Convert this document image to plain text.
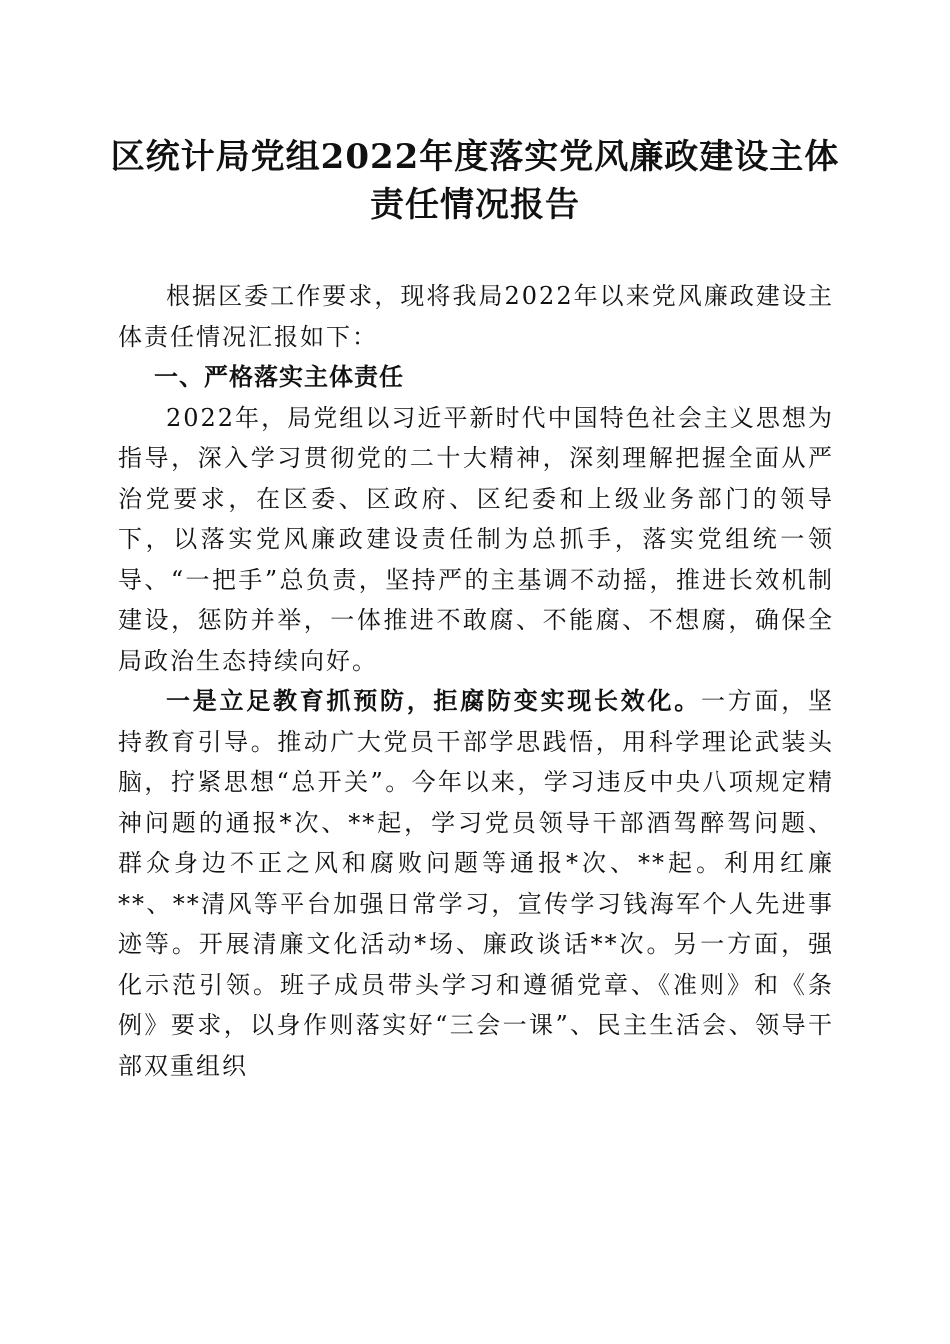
区统计局党组2022年度落实党风廉政建设主体责任情况报告

根据区委工作要求，现将我局2022年以来党风廉政建设主体责任情况汇报如下：

一、严格落实主体责任

2022年，局党组以习近平新时代中国特色社会主义思想为指导，深入学习贯彻党的二十大精神，深刻理解把握全面从严治党要求，在区委、区政府、区纪委和上级业务部门的领导下，以落实党风廉政建设责任制为总抓手，落实党组统一领导、“一把手”总负责，坚持严的主基调不动摇，推进长效机制建设，惩防并举，一体推进不敢腐、不能腐、不想腐，确保全局政治生态持续向好。

一是立足教育抓预防，拒腐防变实现长效化。一方面，坚持教育引导。推动广大党员干部学思践悟，用科学理论武装头脑，拧紧思想“总开关”。今年以来，学习违反中央八项规定精神问题的通报*次、**起，学习党员领导干部酒驾醉驾问题、群众身边不正之风和腐败问题等通报*次、**起。利用红廉**、**清风等平台加强日常学习，宣传学习钱海军个人先进事迹等。开展清廉文化活动*场、廉政谈话**次。另一方面，强化示范引领。班子成员带头学习和遵循党章、《准则》和《条例》要求，以身作则落实好“三会一课”、民主生活会、领导干部双重组织
